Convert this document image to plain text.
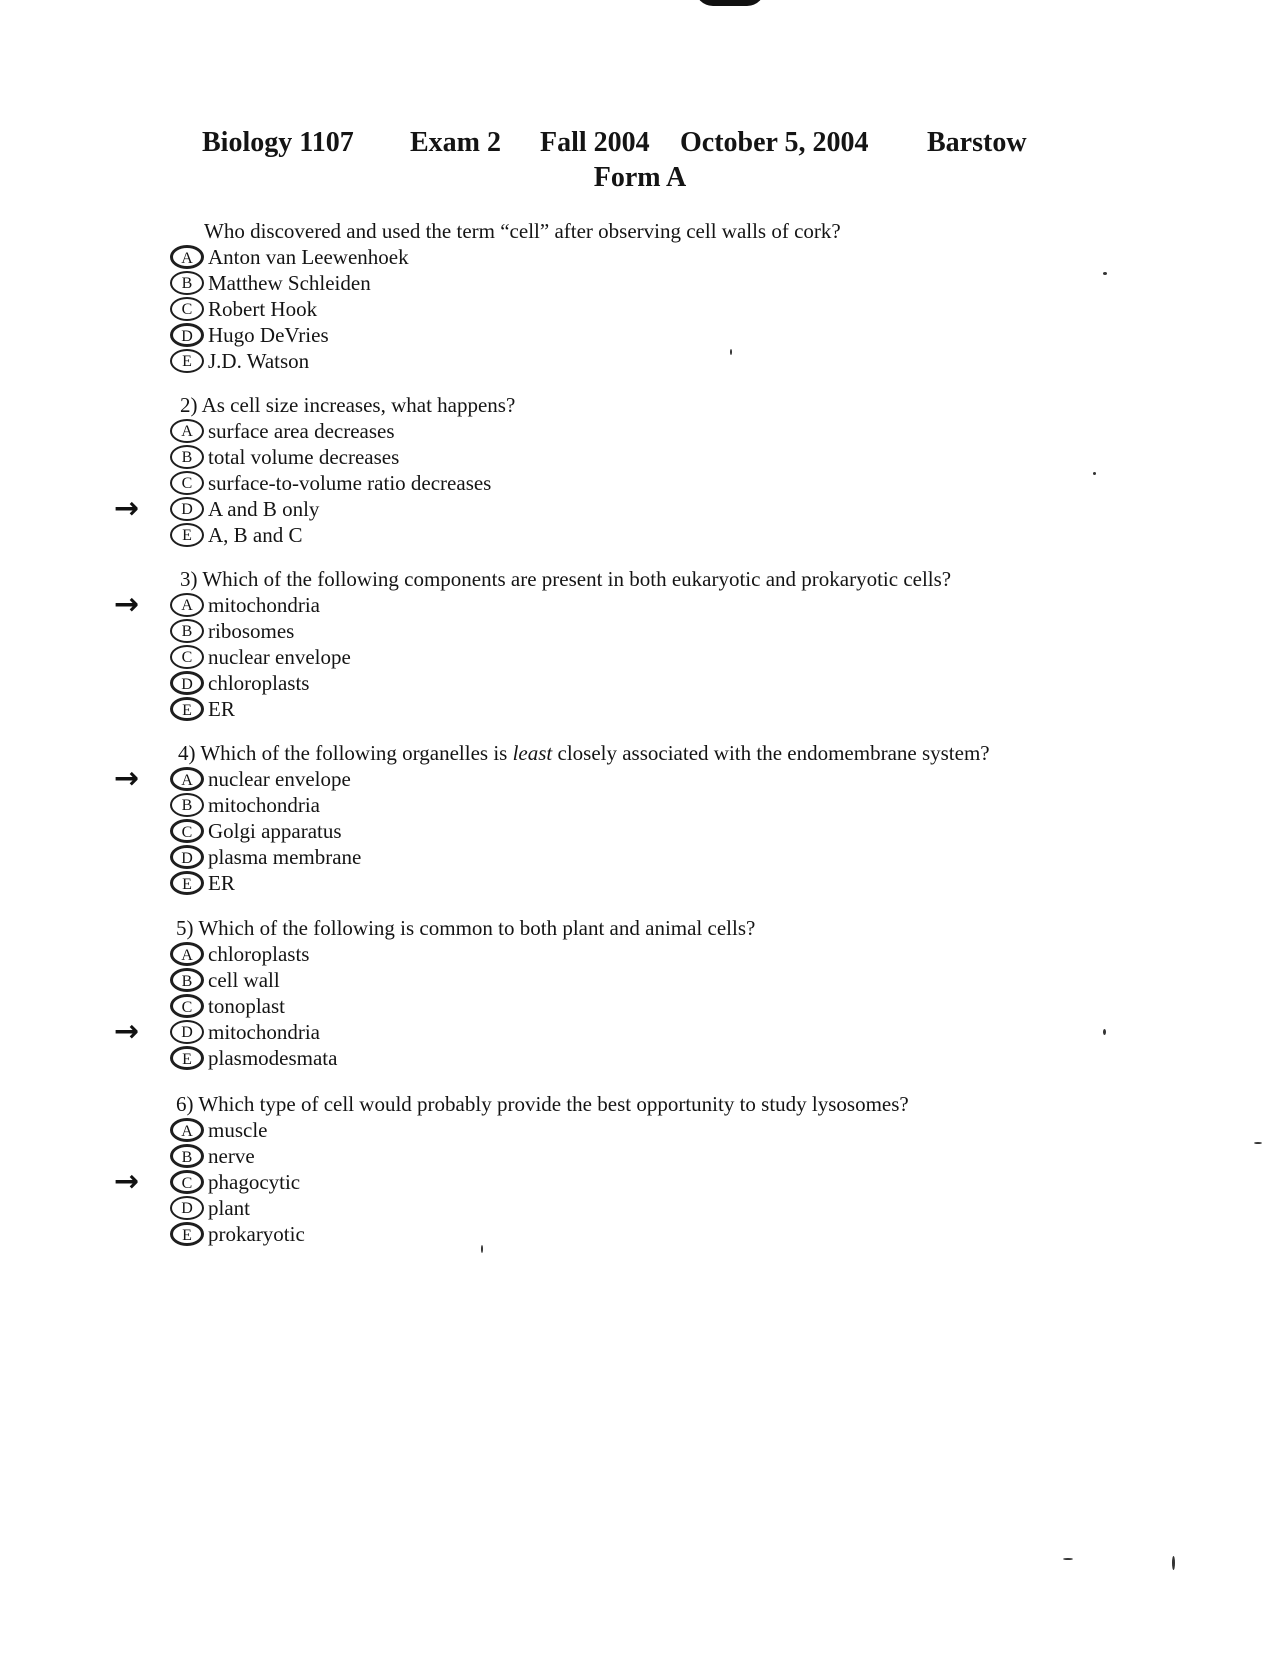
Biology 1107 Exam 2 Fall 2004 October 5, 2004 Barstow
Form A
Who discovered and used the term “cell” after observing cell walls of cork?
A Anton van Leewenhoek
B Matthew Schleiden
C Robert Hook
D Hugo DeVries
E J.D. Watson
2) As cell size increases, what happens?
A surface area decreases
B total volume decreases
C surface-to-volume ratio decreases
→	D A and B only
E A, B and C
3) Which of the following components are present in both eukaryotic and prokaryotic cells?
→	A mitochondria
B ribosomes
C nuclear envelope
D chloroplasts
E ER
4) Which of the following organelles is least closely associated with the endomembrane system?
→	A nuclear envelope
B mitochondria
C Golgi apparatus
D plasma membrane
E ER
5) Which of the following is common to both plant and animal cells?
A chloroplasts
B cell wall
C tonoplast
→	D mitochondria
E plasmodesmata
6) Which type of cell would probably provide the best opportunity to study lysosomes?
A muscle
B nerve
→	C phagocytic
D plant
E prokaryotic
